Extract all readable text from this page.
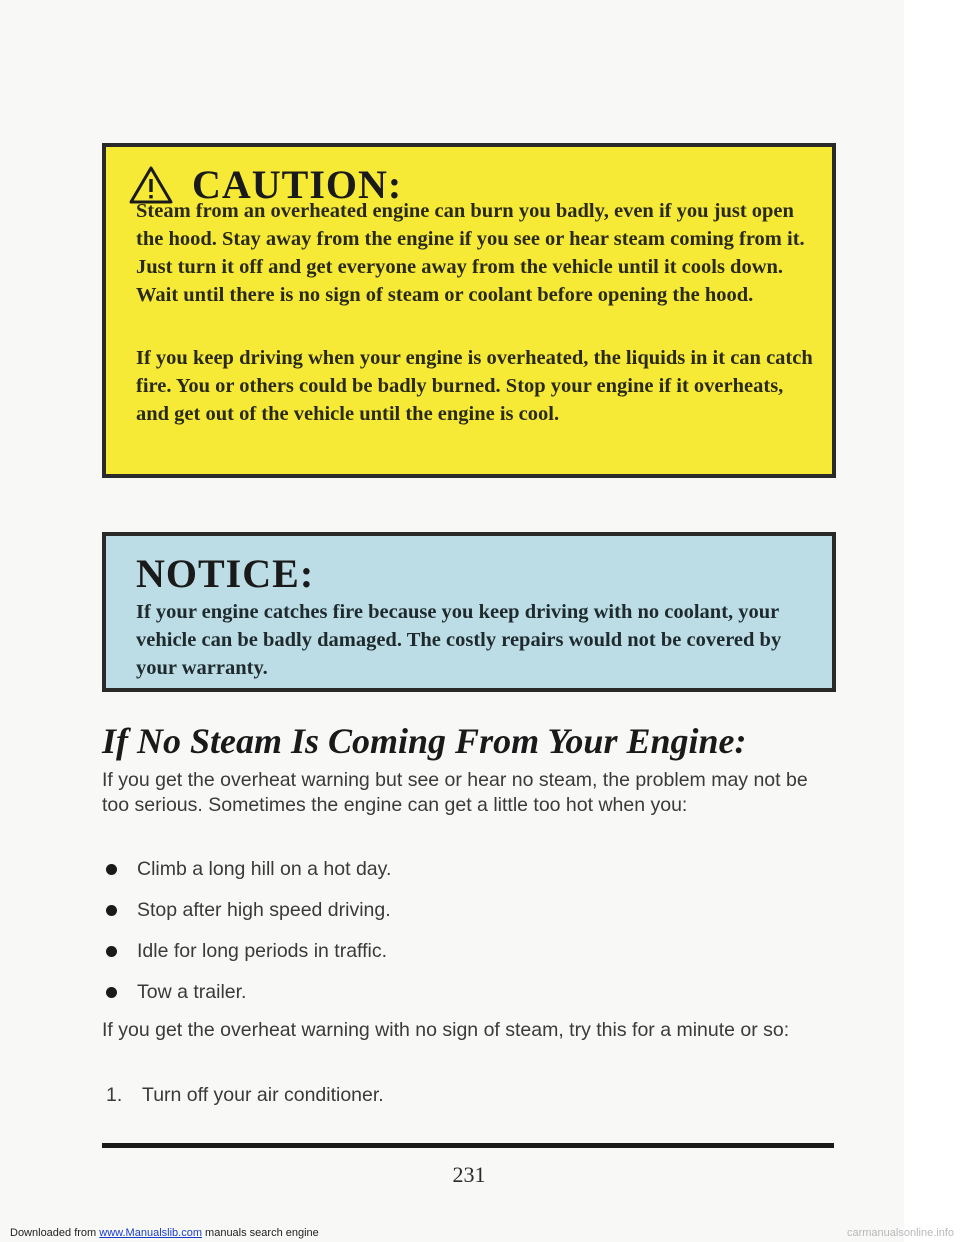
CAUTION:

Steam from an overheated engine can burn you badly, even if you just open the hood. Stay away from the engine if you see or hear steam coming from it. Just turn it off and get everyone away from the vehicle until it cools down. Wait until there is no sign of steam or coolant before opening the hood.

If you keep driving when your engine is overheated, the liquids in it can catch fire. You or others could be badly burned. Stop your engine if it overheats, and get out of the vehicle until the engine is cool.

NOTICE:

If your engine catches fire because you keep driving with no coolant, your vehicle can be badly damaged. The costly repairs would not be covered by your warranty.

If No Steam Is Coming From Your Engine:

If you get the overheat warning but see or hear no steam, the problem may not be too serious. Sometimes the engine can get a little too hot when you:

Climb a long hill on a hot day.
Stop after high speed driving.
Idle for long periods in traffic.
Tow a trailer.

If you get the overheat warning with no sign of steam, try this for a minute or so:

1. Turn off your air conditioner.
231
Downloaded from www.Manualslib.com manuals search engine	carmanualsonline.info
